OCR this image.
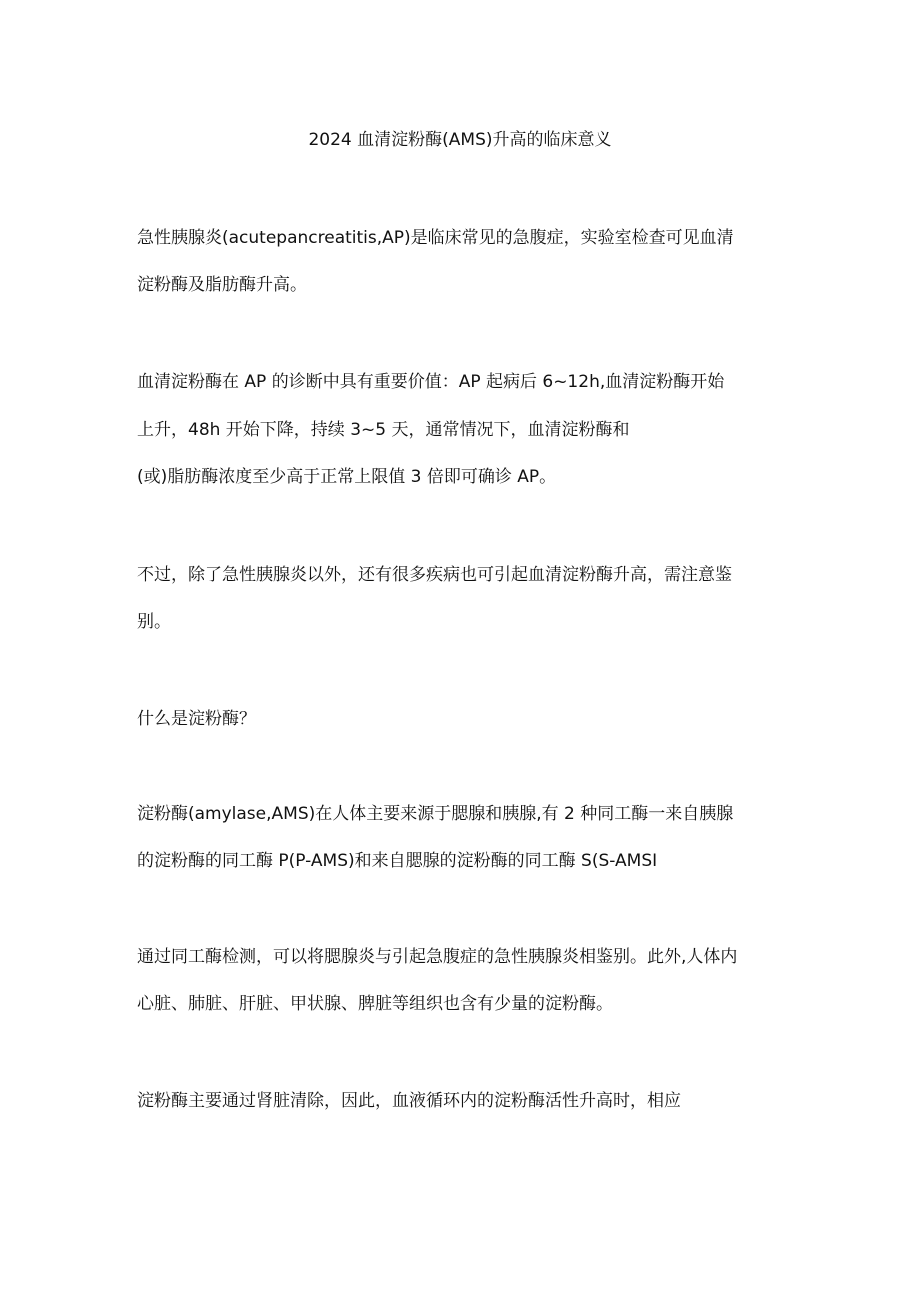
2024 血清淀粉酶(AMS)升高的临床意义
急性胰腺炎(acutepancreatitis,AP)是临床常见的急腹症，实验室检查可见血清
淀粉酶及脂肪酶升高。
血清淀粉酶在 AP 的诊断中具有重要价值：AP 起病后 6~12h,血清淀粉酶开始
上升，48h 开始下降，持续 3~5 天，通常情况下，血清淀粉酶和
(或)脂肪酶浓度至少高于正常上限值 3 倍即可确诊 AP。
不过，除了急性胰腺炎以外，还有很多疾病也可引起血清淀粉酶升高，需注意鉴
别。
什么是淀粉酶？
淀粉酶(amylase,AMS)在人体主要来源于腮腺和胰腺,有 2 种同工酶一来自胰腺
的淀粉酶的同工酶 P(P-AMS)和来自腮腺的淀粉酶的同工酶 S(S-AMSI
通过同工酶检测，可以将腮腺炎与引起急腹症的急性胰腺炎相鉴别。此外,人体内
心脏、肺脏、肝脏、甲状腺、脾脏等组织也含有少量的淀粉酶。
淀粉酶主要通过肾脏清除，因此，血液循环内的淀粉酶活性升高时，相应
